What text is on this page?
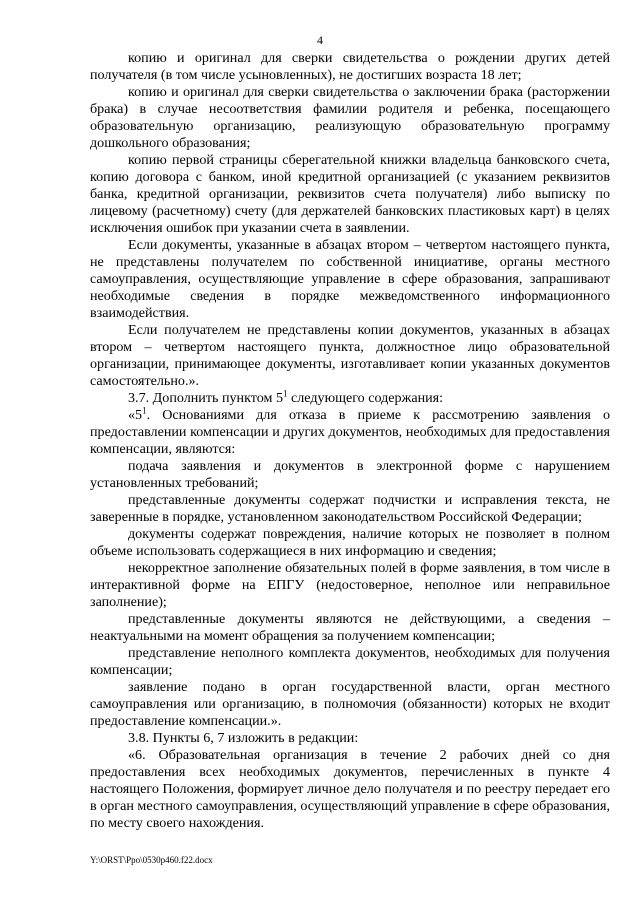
4

копию и оригинал для сверки свидетельства о рождении других детей получателя (в том числе усыновленных), не достигших возраста 18 лет;

копию и оригинал для сверки свидетельства о заключении брака (расторжении брака) в случае несоответствия фамилии родителя и ребенка, посещающего образовательную организацию, реализующую образовательную программу дошкольного образования;

копию первой страницы сберегательной книжки владельца банковского счета, копию договора с банком, иной кредитной организацией (с указанием реквизитов банка, кредитной организации, реквизитов счета получателя) либо выписку по лицевому (расчетному) счету (для держателей банковских пластиковых карт) в целях исключения ошибок при указании счета в заявлении.

Если документы, указанные в абзацах втором – четвертом настоящего пункта, не представлены получателем по собственной инициативе, органы местного самоуправления, осуществляющие управление в сфере образования, запрашивают необходимые сведения в порядке межведомственного информационного взаимодействия.

Если получателем не представлены копии документов, указанных в абзацах втором – четвертом настоящего пункта, должностное лицо образовательной организации, принимающее документы, изготавливает копии указанных документов самостоятельно.».

3.7. Дополнить пунктом $5^1$ следующего содержания:

«$5^1$. Основаниями для отказа в приеме к рассмотрению заявления о предоставлении компенсации и других документов, необходимых для предоставления компенсации, являются:

подача заявления и документов в электронной форме с нарушением установленных требований;

представленные документы содержат подчистки и исправления текста, не заверенные в порядке, установленном законодательством Российской Федерации;

документы содержат повреждения, наличие которых не позволяет в полном объеме использовать содержащиеся в них информацию и сведения;

некорректное заполнение обязательных полей в форме заявления, в том числе в интерактивной форме на ЕПГУ (недостоверное, неполное или неправильное заполнение);

представленные документы являются не действующими, а сведения – неактуальными на момент обращения за получением компенсации;

представление неполного комплекта документов, необходимых для получения компенсации;

заявление подано в орган государственной власти, орган местного самоуправления или организацию, в полномочия (обязанности) которых не входит предоставление компенсации.».

3.8. Пункты 6, 7 изложить в редакции:

«6. Образовательная организация в течение 2 рабочих дней со дня предоставления всех необходимых документов, перечисленных в пункте 4 настоящего Положения, формирует личное дело получателя и по реестру передает его в орган местного самоуправления, осуществляющий управление в сфере образования, по месту своего нахождения.

Y:\ORST\Ppo\0530p460.f22.docx
